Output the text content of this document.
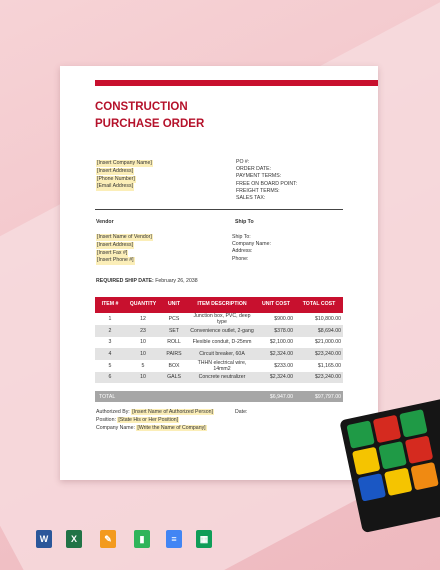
CONSTRUCTION
PURCHASE ORDER
[Insert Company Name]
[Insert Address]
[Phone Number]
[Email Address]
PO #:
ORDER DATE:
PAYMENT TERMS:
FREE ON BOARD POINT:
FREIGHT TERMS:
SALES TAX:
Vendor	Ship To
[Insert Name of Vendor]
[Insert Address]
[Insert Fax #]
[Insert Phone #]
Ship To:
Company Name:
Address:
Phone:
REQUIRED SHIP DATE: February 26, 2038
ITEM #	QUANTITY	UNIT	ITEM DESCRIPTION	UNIT COST	TOTAL COST
1	12	PCS	Junction box, PVC, deep type	$900.00	$10,800.00
2	23	SET	Convenience outlet, 2-gang	$378.00	$8,694.00
3	10	ROLL	Flexible conduit, D-25mm	$2,100.00	$21,000.00
4	10	PAIRS	Circuit breaker, 60A	$2,324.00	$23,240.00
5	5	BOX	THHN electrical wire, 14mm2	$233.00	$1,165.00
6	10	GALS	Concrete neutralizer	$2,324.00	$23,240.00

TOTAL				$6,947.00	$97,797.00
Authorized By: [Insert Name of Authorized Person]	Date:
Position: [State His or Her Position]
Company Name: [Write the Name of Company]
W	X	✎	▮	≡	▦
